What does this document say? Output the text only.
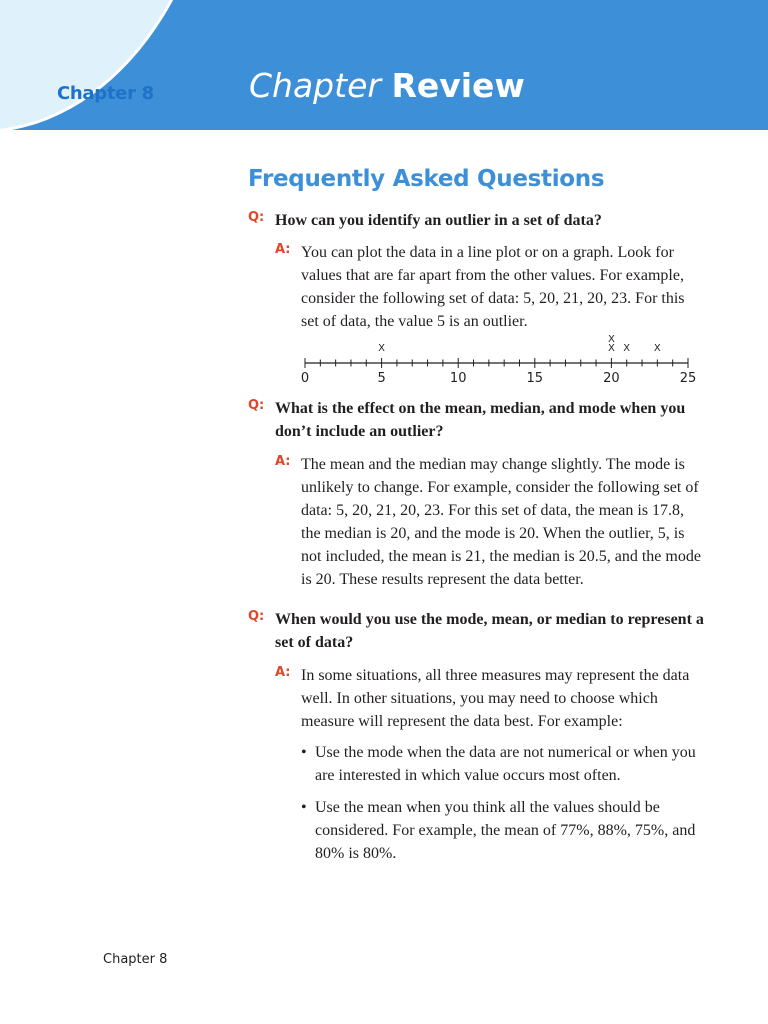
Chapter 8	Chapter Review
Frequently Asked Questions
Q: How can you identify an outlier in a set of data?
A: You can plot the data in a line plot or on a graph. Look for values that are far apart from the other values. For example, consider the following set of data: 5, 20, 21, 20, 23. For this set of data, the value 5 is an outlier.
0	5	10	15	20	25
X	X
X
X X
Q: What is the effect on the mean, median, and mode when you don’t include an outlier?
A: The mean and the median may change slightly. The mode is unlikely to change. For example, consider the following set of data: 5, 20, 21, 20, 23. For this set of data, the mean is 17.8, the median is 20, and the mode is 20. When the outlier, 5, is not included, the mean is 21, the median is 20.5, and the mode is 20. These results represent the data better.
Q: When would you use the mode, mean, or median to represent a set of data?
A: In some situations, all three measures may represent the data well. In other situations, you may need to choose which measure will represent the data best. For example:
• Use the mode when the data are not numerical or when you are interested in which value occurs most often.
• Use the mean when you think all the values should be considered. For example, the mean of 77%, 88%, 75%, and 80% is 80%.
Chapter 8
